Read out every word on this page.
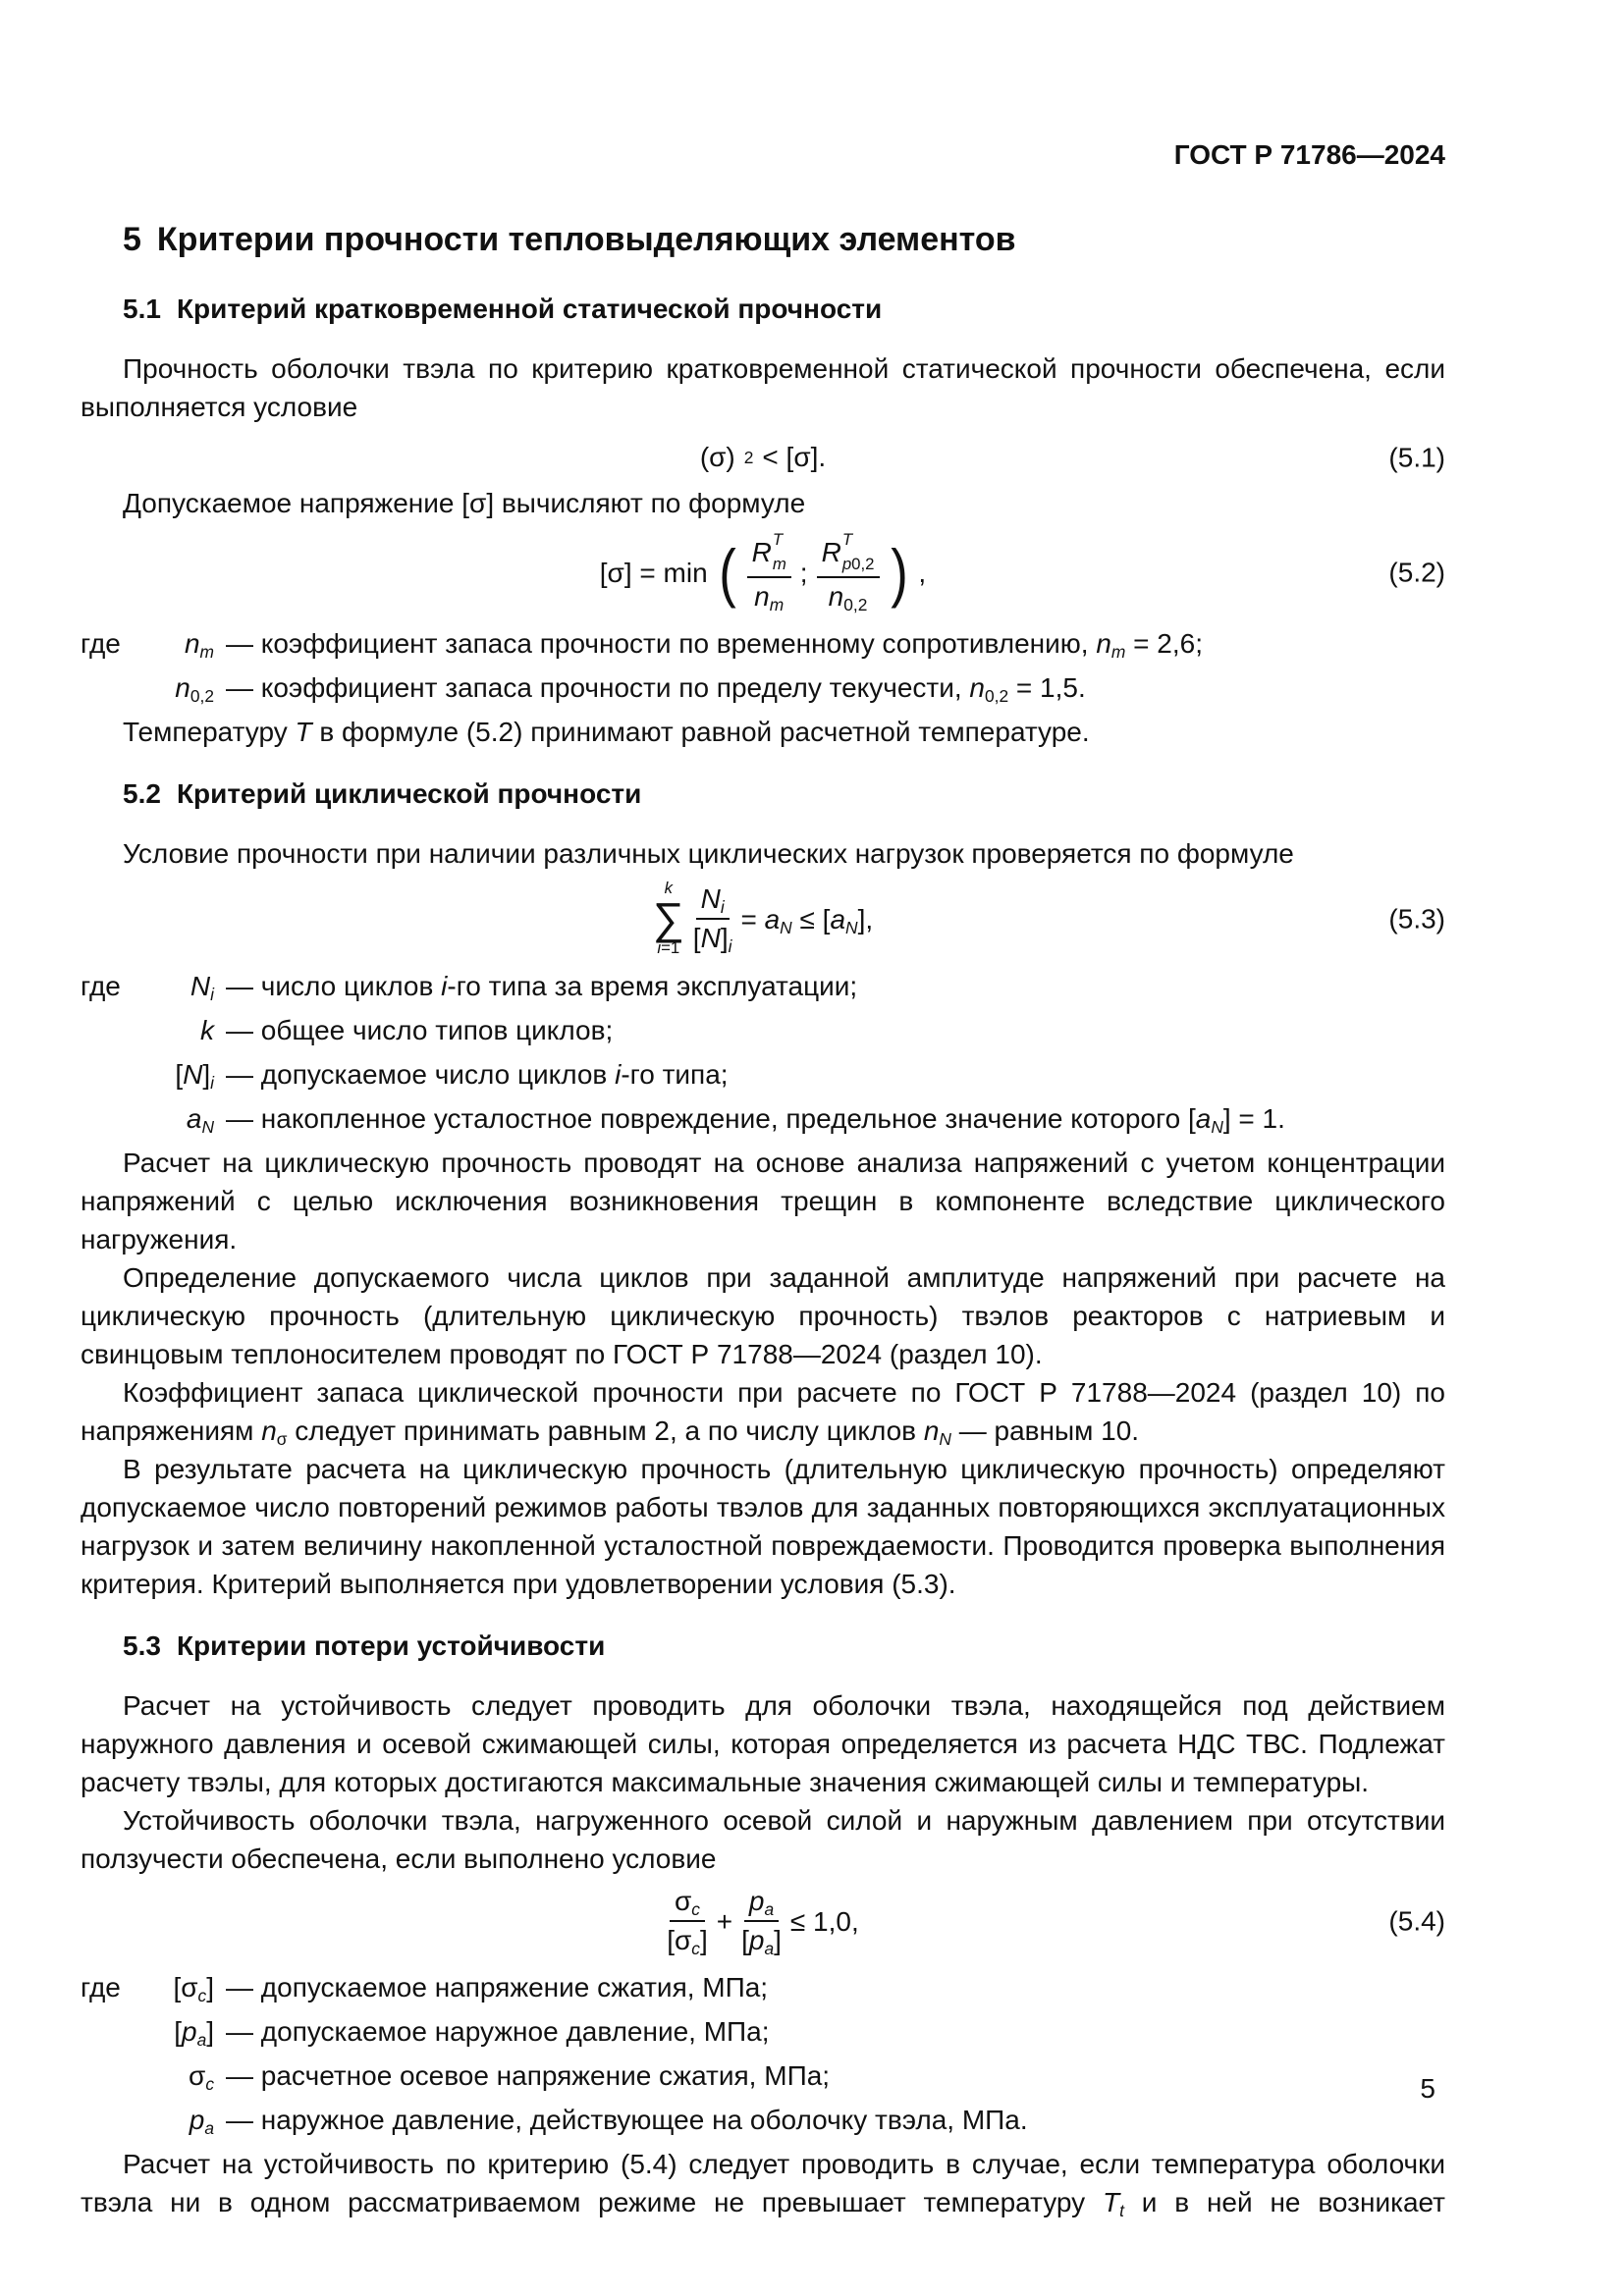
ГОСТ Р 71786—2024
5 Критерии прочности тепловыделяющих элементов
5.1 Критерий кратковременной статической прочности

Прочность оболочки твэла по критерию кратковременной статической прочности обеспечена, если выполняется условие

(σ) 2 < [σ].	(5.1)

Допускаемое напряжение [σ] вычисляют по формуле

[σ] = min ( R T
m
$n_m$ ; R T
p0,2
$n_{0,2}$ ) ,	(5.2)
где	$n_m$ — коэффициент запаса прочности по временному сопротивлению, $n_m = 2,6$;
$n_{0,2}$ — коэффициент запаса прочности по пределу текучести, $n_{0,2} = 1,5$.

Температуру T в формуле (5.2) принимают равной расчетной температуре.

5.2 Критерий циклической прочности

Условие прочности при наличии различных циклических нагрузок проверяется по формуле

k
∑
$i=1 \frac{N_i}{[N]_i} = a_N \le [a_N]$,	(5.3)
где	$N_i$ — число циклов i-го типа за время эксплуатации;
k — общее число типов циклов;
$[N]_i$ — допускаемое число циклов i-го типа;
$a_N$ — накопленное усталостное повреждение, предельное значение которого $[a_N] = 1$.

Расчет на циклическую прочность проводят на основе анализа напряжений с учетом концентрации напряжений с целью исключения возникновения трещин в компоненте вследствие циклического нагружения.

Определение допускаемого числа циклов при заданной амплитуде напряжений при расчете на циклическую прочность (длительную циклическую прочность) твэлов реакторов с натриевым и свинцовым теплоносителем проводят по ГОСТ Р 71788—2024 (раздел 10).

Коэффициент запаса циклической прочности при расчете по ГОСТ Р 71788—2024 (раздел 10) по напряжениям $n_\sigma$ следует принимать равным 2, а по числу циклов $n_N$ — равным 10.

В результате расчета на циклическую прочность (длительную циклическую прочность) определяют допускаемое число повторений режимов работы твэлов для заданных повторяющихся эксплуатационных нагрузок и затем величину накопленной усталостной повреждаемости. Проводится проверка выполнения критерия. Критерий выполняется при удовлетворении условия (5.3).

5.3 Критерии потери устойчивости

Расчет на устойчивость следует проводить для оболочки твэла, находящейся под действием наружного давления и осевой сжимающей силы, которая определяется из расчета НДС ТВС. Подлежат расчету твэлы, для которых достигаются максимальные значения сжимающей силы и температуры.

Устойчивость оболочки твэла, нагруженного осевой силой и наружным давлением при отсутствии ползучести обеспечена, если выполнено условие

$\frac{\sigma_c}{[\sigma_c]} + \frac{p_a}{[p_a]} \le 1,0$,	(5.4)
где	$[\sigma_c]$ — допускаемое напряжение сжатия, МПа;
$[p_a]$ — допускаемое наружное давление, МПа;
$\sigma_c$ — расчетное осевое напряжение сжатия, МПа;
$p_a$ — наружное давление, действующее на оболочку твэла, МПа.

Расчет на устойчивость по критерию (5.4) следует проводить в случае, если температура оболочки твэла ни в одном рассматриваемом режиме не превышает температуру $T_t$ и в ней не возникает

5
